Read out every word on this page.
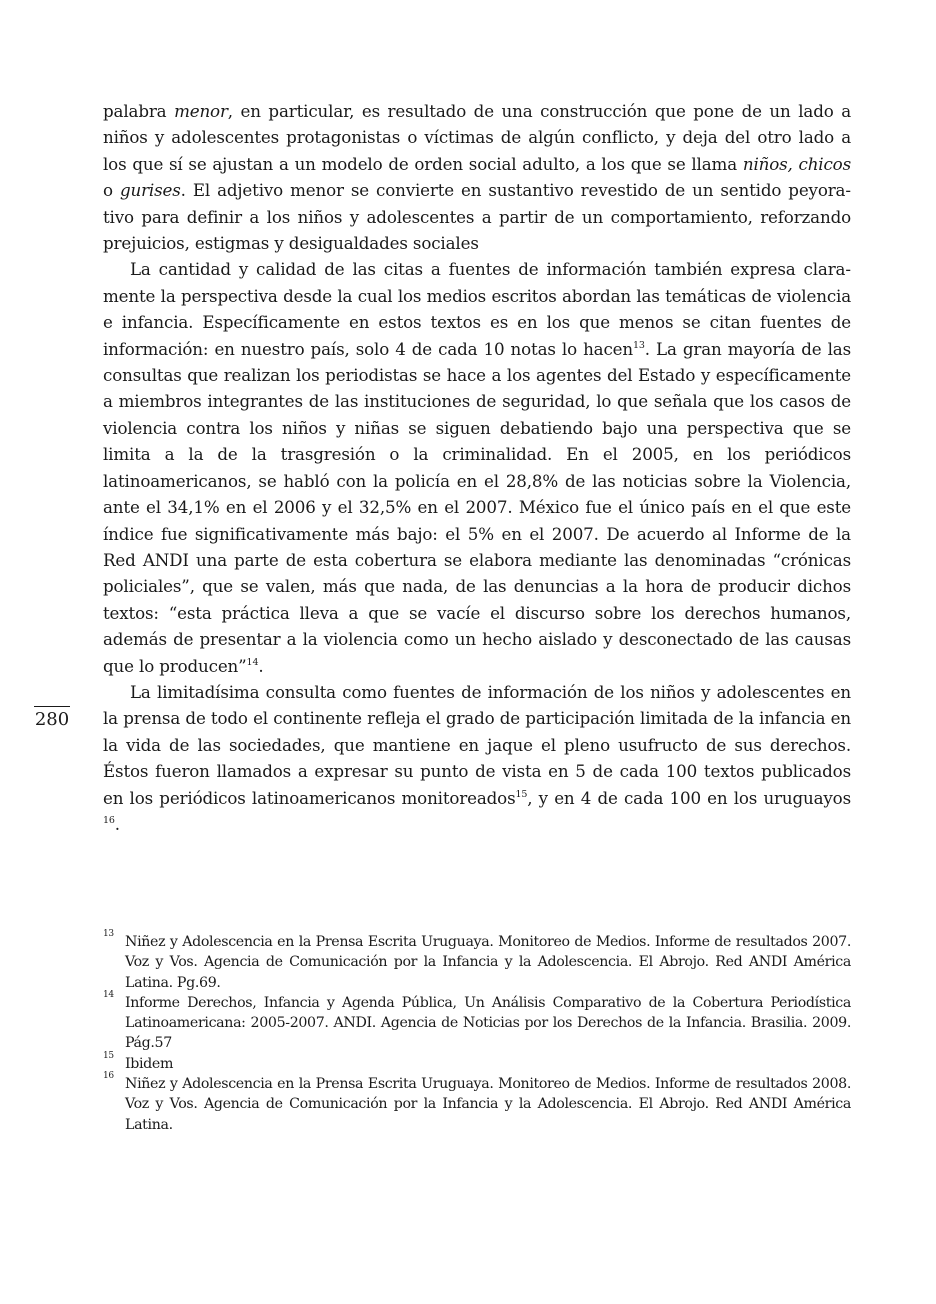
palabra menor, en particular, es resultado de una construcción que pone de un lado a niños y adolescentes protagonistas o víctimas de algún conflicto, y deja del otro lado a los que sí se ajustan a un modelo de orden social adulto, a los que se llama niños, chicos o gurises. El adjetivo menor se convierte en sustantivo revestido de un sentido peyorativo para definir a los niños y adolescentes a partir de un comportamiento, reforzando prejuicios, estigmas y desigualdades sociales

La cantidad y calidad de las citas a fuentes de información también expresa claramente la perspectiva desde la cual los medios escritos abordan las temáticas de violencia e infancia. Específicamente en estos textos es en los que menos se citan fuentes de información: en nuestro país, solo 4 de cada 10 notas lo hacen$^{13}$. La gran mayoría de las consultas que realizan los periodistas se hace a los agentes del Estado y específicamente a miembros integrantes de las instituciones de seguridad, lo que señala que los casos de violencia contra los niños y niñas se siguen debatiendo bajo una perspectiva que se limita a la de la trasgresión o la criminalidad. En el 2005, en los periódicos latinoamericanos, se habló con la policía en el 28,8% de las noticias sobre la Violencia, ante el 34,1% en el 2006 y el 32,5% en el 2007. México fue el único país en el que este índice fue significativamente más bajo: el 5% en el 2007. De acuerdo al Informe de la Red ANDI una parte de esta cobertura se elabora mediante las denominadas “crónicas policiales”, que se valen, más que nada, de las denuncias a la hora de producir dichos textos: “esta práctica lleva a que se vacíe el discurso sobre los derechos humanos, además de presentar a la violencia como un hecho aislado y desconectado de las causas que lo producen”$^{14}$.

La limitadísima consulta como fuentes de información de los niños y adolescentes en la prensa de todo el continente refleja el grado de participación limitada de la infancia en la vida de las sociedades, que mantiene en jaque el pleno usufructo de sus derechos. Éstos fueron llamados a expresar su punto de vista en 5 de cada 100 textos publicados en los periódicos latinoamericanos monitoreados$^{15}$, y en 4 de cada 100 en los uruguayos $^{16}$.

280
13 Niñez y Adolescencia en la Prensa Escrita Uruguaya. Monitoreo de Medios. Informe de resultados 2007. Voz y Vos. Agencia de Comunicación por la Infancia y la Adolescencia. El Abrojo. Red ANDI América Latina. Pg.69.
14 Informe Derechos, Infancia y Agenda Pública, Un Análisis Comparativo de la Cobertura Periodística Latinoamericana: 2005-2007. ANDI. Agencia de Noticias por los Derechos de la Infancia. Brasilia. 2009. Pág.57
15 Ibidem
16 Niñez y Adolescencia en la Prensa Escrita Uruguaya. Monitoreo de Medios. Informe de resultados 2008. Voz y Vos. Agencia de Comunicación por la Infancia y la Adolescencia. El Abrojo. Red ANDI América Latina.
